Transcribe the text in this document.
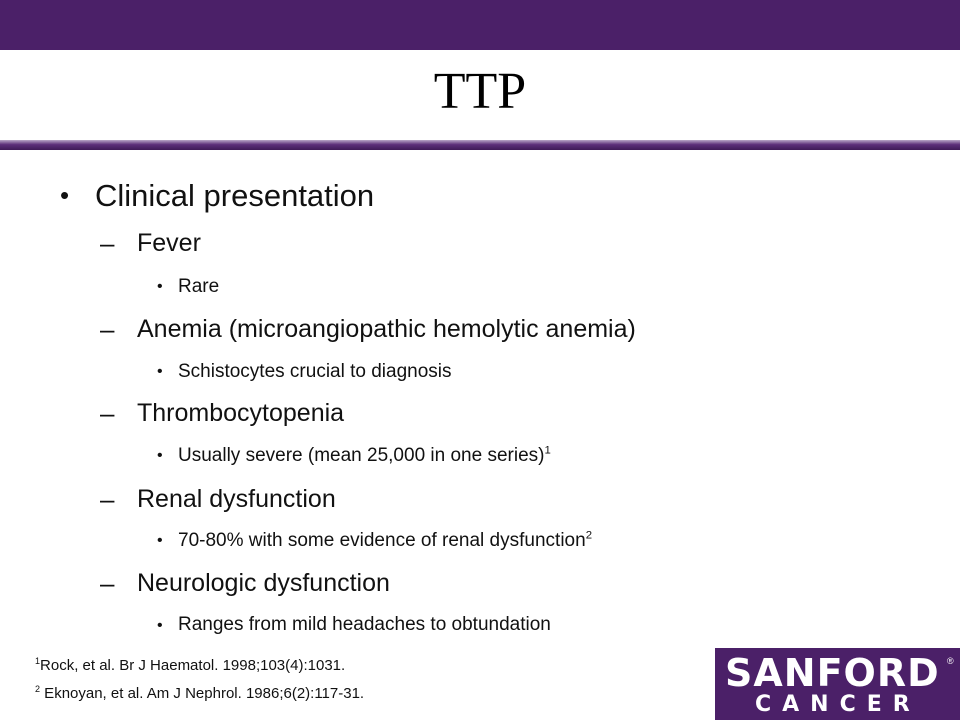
TTP
• Clinical presentation
– Fever
• Rare
– Anemia (microangiopathic hemolytic anemia)
• Schistocytes crucial to diagnosis
– Thrombocytopenia
• Usually severe (mean 25,000 in one series)$^1$
– Renal dysfunction
• 70-80% with some evidence of renal dysfunction$^2$
– Neurologic dysfunction
• Ranges from mild headaches to obtundation
$^1$Rock, et al. Br J Haematol. 1998;103(4):1031.
$^2$ Eknoyan, et al. Am J Nephrol. 1986;6(2):117-31.	SANFORD ®
CANCER
